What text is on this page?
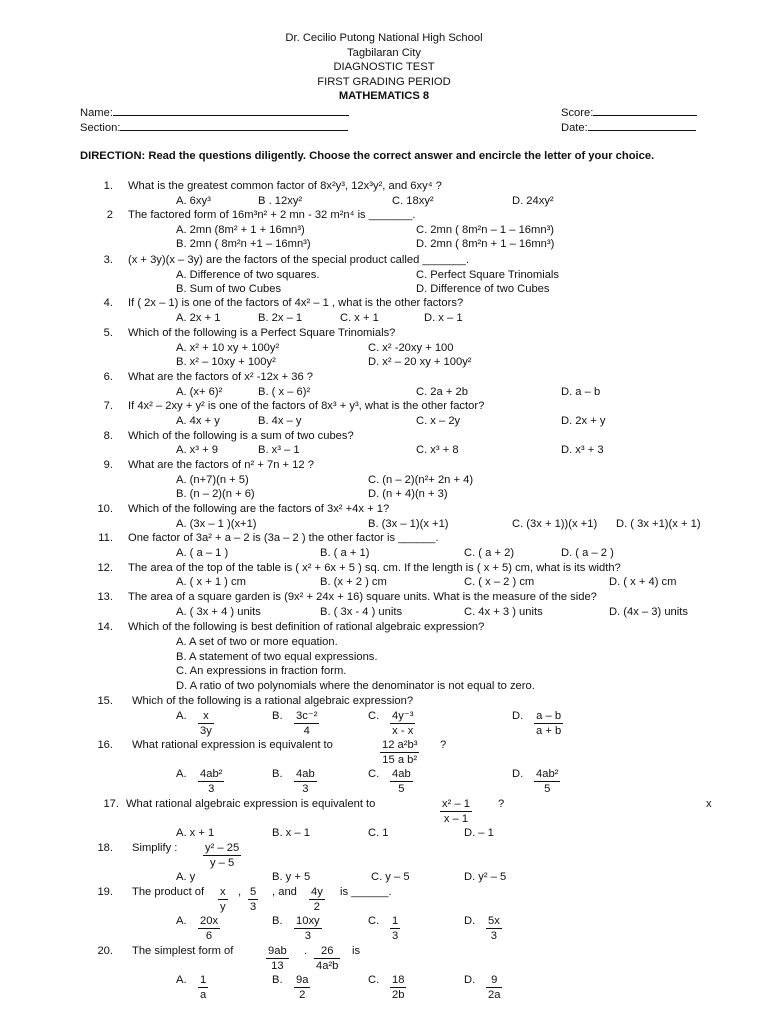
Dr. Cecilio Putong National High School
Tagbilaran City
DIAGNOSTIC TEST
FIRST GRADING PERIOD
MATHEMATICS 8
Name:
Section:
Score:
Date:
DIRECTION: Read the questions diligently. Choose the correct answer and encircle the letter of your choice.
1. What is the greatest common factor of 8x²y³, 12x³y², and 6xy⁴ ?
A. 6xy³	B . 12xy²	C. 18xy²	D. 24xy²
2 The factored form of 16m³n² + 2 mn - 32 m²n⁴ is _______.
A. 2mn (8m² + 1 + 16mn³)	C. 2mn ( 8m²n – 1 – 16mn³)
B. 2mn ( 8m²n +1 – 16mn³)	D. 2mn ( 8m²n + 1 – 16mn³)
3. (x + 3y)(x – 3y) are the factors of the special product called _______.
A. Difference of two squares.	C. Perfect Square Trinomials
B. Sum of two Cubes	D. Difference of two Cubes
4. If ( 2x – 1) is one of the factors of 4x² – 1 , what is the other factors?
A. 2x + 1	B. 2x – 1	C. x + 1	D. x – 1
5. Which of the following is a Perfect Square Trinomials?
A. x² + 10 xy + 100y²	C. x² -20xy + 100
B. x² – 10xy + 100y²	D. x² – 20 xy + 100y²
6. What are the factors of x² -12x + 36 ?
A. (x+ 6)²	B. ( x – 6)²	C. 2a + 2b	D. a – b
7. If 4x² – 2xy + y² is one of the factors of 8x³ + y³, what is the other factor?
A. 4x + y	B. 4x – y	C. x – 2y	D. 2x + y
8. Which of the following is a sum of two cubes?
A. x³ + 9	B. x³ – 1	C. x³ + 8	D. x³ + 3
9. What are the factors of n² + 7n + 12 ?
A. (n+7)(n + 5)	C. (n – 2)(n²+ 2n + 4)
B. (n – 2)(n + 6)	D. (n + 4)(n + 3)
10. Which of the following are the factors of 3x² +4x + 1?
A. (3x – 1 )(x+1)	B. (3x – 1)(x +1)	C. (3x + 1))(x +1) D. ( 3x +1)(x + 1)
11. One factor of 3a² + a – 2 is (3a – 2 ) the other factor is ______.
A. ( a – 1 )	B. ( a + 1)	C. ( a + 2)	D. ( a – 2 )
12. The area of the top of the table is ( x² + 6x + 5 ) sq. cm. If the length is ( x + 5) cm, what is its width?
A. ( x + 1 ) cm	B. (x + 2 ) cm	C. ( x – 2 ) cm	D. ( x + 4) cm
13. The area of a square garden is (9x² + 24x + 16) square units. What is the measure of the side?
A. ( 3x + 4 ) units	B. ( 3x - 4 ) units	C. 4x + 3 ) units	D. (4x – 3) units
14. Which of the following is best definition of rational algebraic expression?
A. A set of two or more equation.
B. A statement of two equal expressions.
C. An expressions in fraction form.
D. A ratio of two polynomials where the denominator is not equal to zero.
15. Which of the following is a rational algebraic expression?
A. $\frac{x}{3y}$	B. $\frac{\text{3c⁻²}}{4}$	C. $\frac{\text{4y⁻³}}{x - x}$	D. $\frac{a - b}{a + b}$
16. What rational expression is equivalent to	$\frac{\text{12 a²b³}}{\text{15 a b²}}$ ?
A. $\frac{\text{4ab²}}{3}$	B. $\frac{4ab}{3}$	C. $\frac{4ab}{5}$	D. $\frac{\text{4ab²}}{5}$
17. What rational algebraic expression is equivalent to	$\frac{\text{x² – 1}}{x - 1}$ ?	x
A. x + 1	B. x – 1	C. 1	D. – 1
18. Simplify : $\frac{\text{y² – 25}}{y - 5}$
A. y	B. y + 5	C. y – 5	D. y² – 5
19. The product of $\frac{x}{y}$ , $\frac{5}{3}$ , and $\frac{4y}{2}$ is ______.
A. $\frac{20x}{6}$	B. $\frac{10xy}{3}$	C. $\frac{1}{3}$	D. $\frac{5x}{3}$
20. The simplest form of	$\frac{9ab}{13}$ . $\frac{26}{\text{4a²b}}$ is
A. $\frac{1}{a}$	B. $\frac{9a}{2}$	C. $\frac{18}{2b}$	D. $\frac{9}{2a}$
